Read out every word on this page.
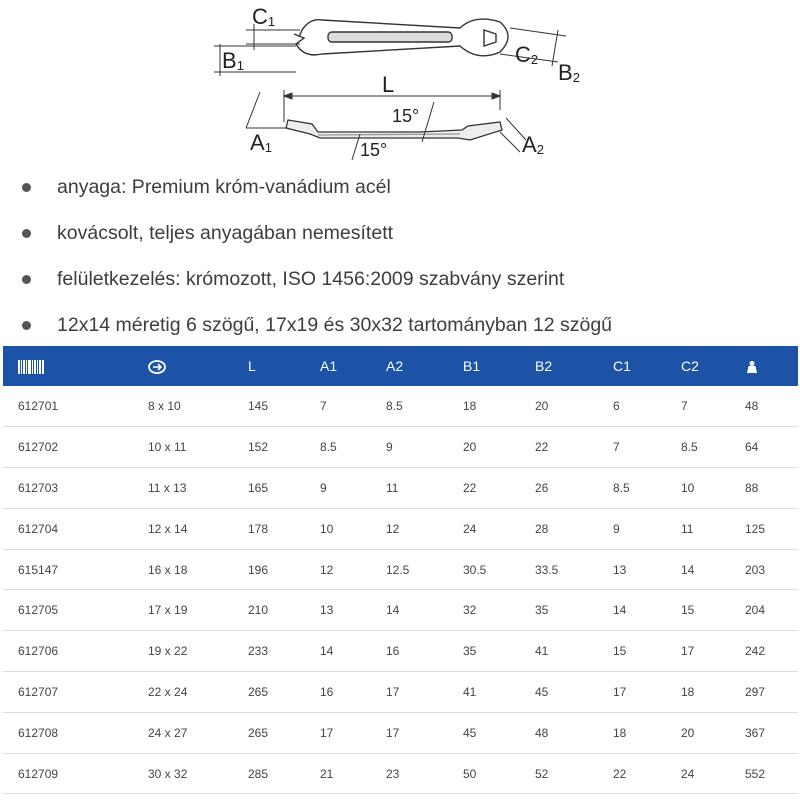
C1
B1	C2
B2
L
A1	A2
15°
15°
anyaga: Premium króm-vanádium acél
kovácsolt, teljes anyagában nemesített
felületkezelés: krómozott, ISO 1456:2009 szabvány szerint
12x14 méretig 6 szögű, 17x19 és 30x32 tartományban 12 szögű
		L	A1	A2	B1	B2	C1	C2	
612701	8 x 10	145	7	8.5	18	20	6	7	48
612702	10 x 11	152	8.5	9	20	22	7	8.5	64
612703	11 x 13	165	9	11	22	26	8.5	10	88
612704	12 x 14	178	10	12	24	28	9	11	125
615147	16 x 18	196	12	12.5	30.5	33.5	13	14	203
612705	17 x 19	210	13	14	32	35	14	15	204
612706	19 x 22	233	14	16	35	41	15	17	242
612707	22 x 24	265	16	17	41	45	17	18	297
612708	24 x 27	265	17	17	45	48	18	20	367
612709	30 x 32	285	21	23	50	52	22	24	552
